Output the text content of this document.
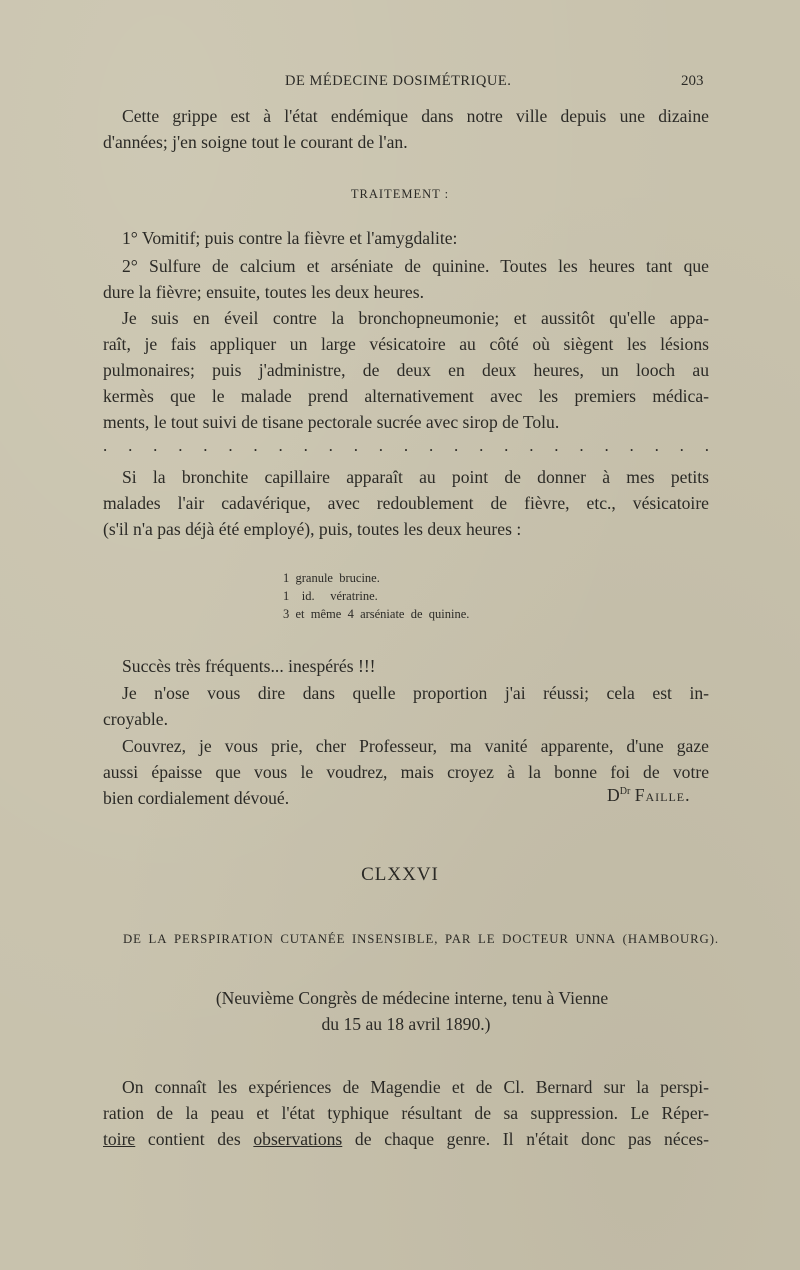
DE MÉDECINE DOSIMÉTRIQUE.	203
Cette grippe est à l'état endémique dans notre ville depuis une dizaine
d'années; j'en soigne tout le courant de l'an.
TRAITEMENT :
1° Vomitif; puis contre la fièvre et l'amygdalite:
2° Sulfure de calcium et arséniate de quinine. Toutes les heures tant que
dure la fièvre; ensuite, toutes les deux heures.
Je suis en éveil contre la bronchopneumonie; et aussitôt qu'elle appa-
raît, je fais appliquer un large vésicatoire au côté où siègent les lésions
pulmonaires; puis j'administre, de deux en deux heures, un looch au
kermès que le malade prend alternativement avec les premiers médica-
ments, le tout suivi de tisane pectorale sucrée avec sirop de Tolu.
. . . . . . . . . . . . . . . . . . . . . . . . .
Si la bronchite capillaire apparaît au point de donner à mes petits
malades l'air cadavérique, avec redoublement de fièvre, etc., vésicatoire
(s'il n'a pas déjà été employé), puis, toutes les deux heures :
1  granule  brucine.
1    id.     vératrine.
3  et  même  4  arséniate  de  quinine.
Succès très fréquents... inespérés !!!
Je n'ose vous dire dans quelle proportion j'ai réussi; cela est in-
croyable.
Couvrez, je vous prie, cher Professeur, ma vanité apparente, d'une gaze
aussi épaisse que vous le voudrez, mais croyez à la bonne foi de votre
bien cordialement dévoué.	$D^{Dr}$ Faille.
CLXXVI
DE LA PERSPIRATION CUTANÉE INSENSIBLE, PAR LE DOCTEUR UNNA (HAMBOURG).
(Neuvième Congrès de médecine interne, tenu à Vienne
du 15 au 18 avril 1890.)
On connaît les expériences de Magendie et de Cl. Bernard sur la perspi-
ration de la peau et l'état typhique résultant de sa suppression. Le Réper-
toire contient des observations de chaque genre. Il n'était donc pas néces-
